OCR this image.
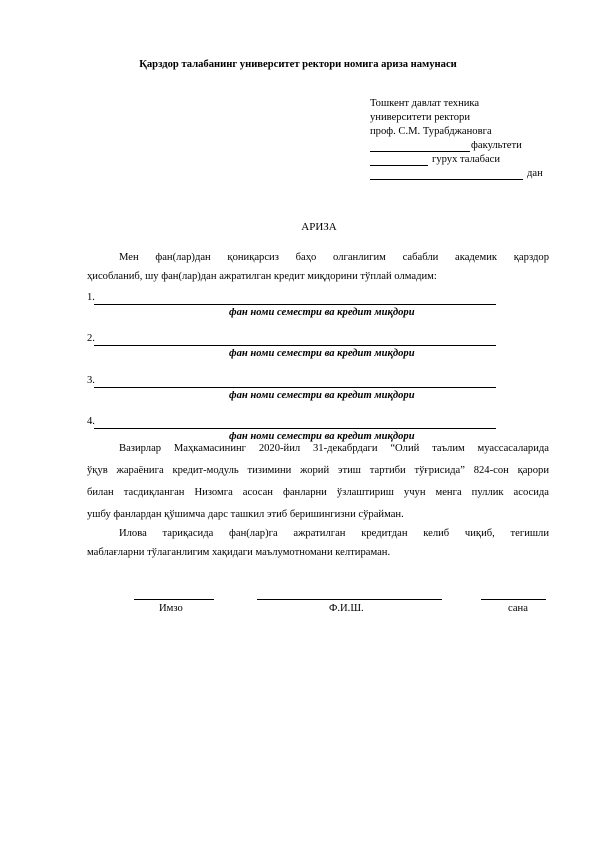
Қарздор талабанинг университет ректори номига ариза намунаси
Тошкент давлат техника
университети ректори
проф. С.М. Турабджановга
факультети
гурух талабаси
дан
АРИЗА
Мен фан(лар)дан қониқарсиз баҳо олганлигим сабабли академик қарздор
ҳисобланиб, шу фан(лар)дан ажратилган кредит миқдорини тўплай олмадим:
1.
фан номи семестри ва кредит миқдори
2.
фан номи семестри ва кредит миқдори
3.
фан номи семестри ва кредит миқдори
4.
фан номи семестри ва кредит миқдори
Вазирлар Маҳкамасининг 2020-йил 31-декабрдаги “Олий таълим муассасаларида
ўқув жараёнига кредит-модуль тизимини жорий этиш тартиби тўғрисида” 824-сон қарори
билан тасдиқланган Низомга асосан фанларни ўзлаштириш учун менга пуллик асосида
ушбу фанлардан қўшимча дарс ташкил этиб беришингизни сўрайман.
Илова тариқасида фан(лар)га ажратилган кредитдан келиб чиқиб, тегишли
маблағларни тўлаганлигим хақидаги маълумотномани келтираман.
Имзо	Ф.И.Ш.	сана
